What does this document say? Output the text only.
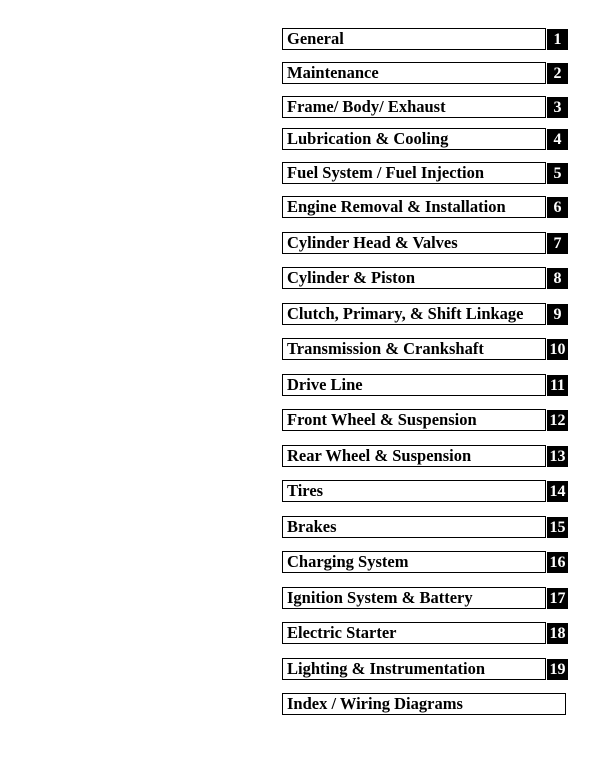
General	1
Maintenance	2
Frame/ Body/ Exhaust	3
Lubrication & Cooling	4
Fuel System / Fuel Injection	5
Engine Removal & Installation	6
Cylinder Head & Valves	7
Cylinder & Piston	8
Clutch, Primary, & Shift Linkage	9
Transmission & Crankshaft	10
Drive Line	11
Front Wheel & Suspension	12
Rear Wheel & Suspension	13
Tires	14
Brakes	15
Charging System	16
Ignition System & Battery	17
Electric Starter	18
Lighting & Instrumentation	19
Index / Wiring Diagrams
